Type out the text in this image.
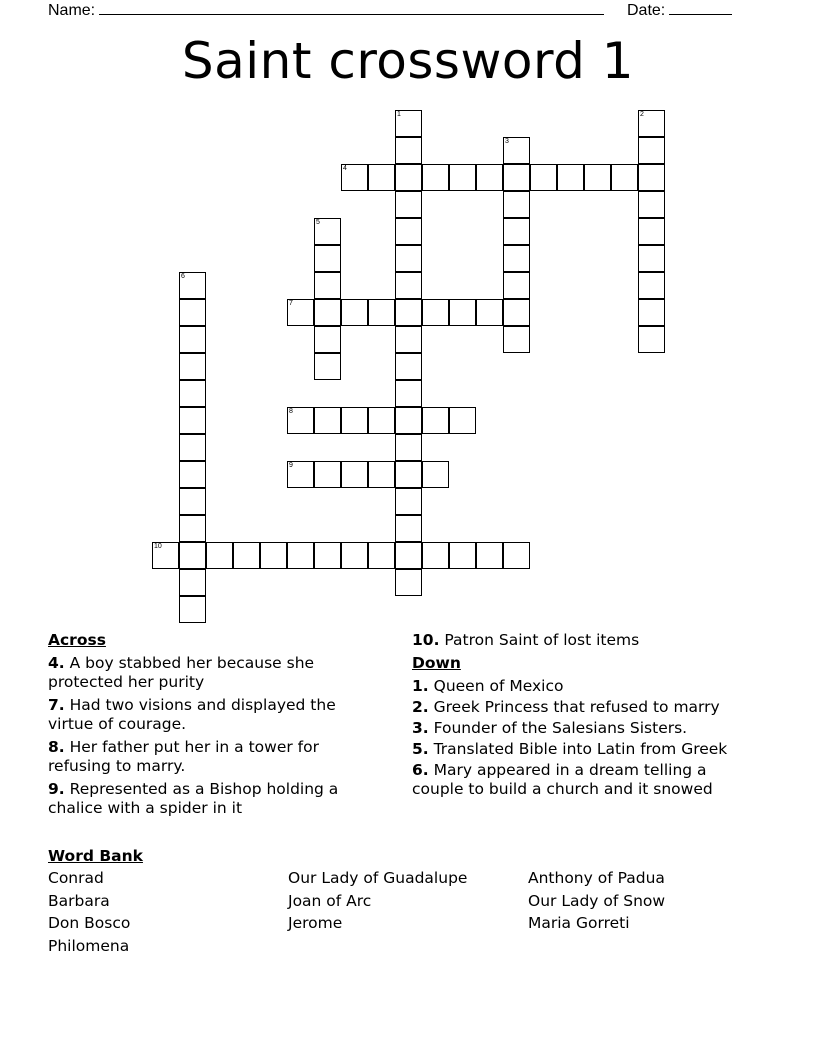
Name:	Date:
Saint crossword 1
1	2
3
4
5
6
7
8
9
10
Across
4. A boy stabbed her because she protected her purity
7. Had two visions and displayed the virtue of courage.
8. Her father put her in a tower for refusing to marry.
9. Represented as a Bishop holding a chalice with a spider in it
10. Patron Saint of lost items
Down
1. Queen of Mexico
2. Greek Princess that refused to marry
3. Founder of the Salesians Sisters.
5. Translated Bible into Latin from Greek
6. Mary appeared in a dream telling a couple to build a church and it snowed
Word Bank
Conrad
Barbara
Don Bosco
Philomena
Our Lady of Guadalupe
Joan of Arc
Jerome
Anthony of Padua
Our Lady of Snow
Maria Gorreti
